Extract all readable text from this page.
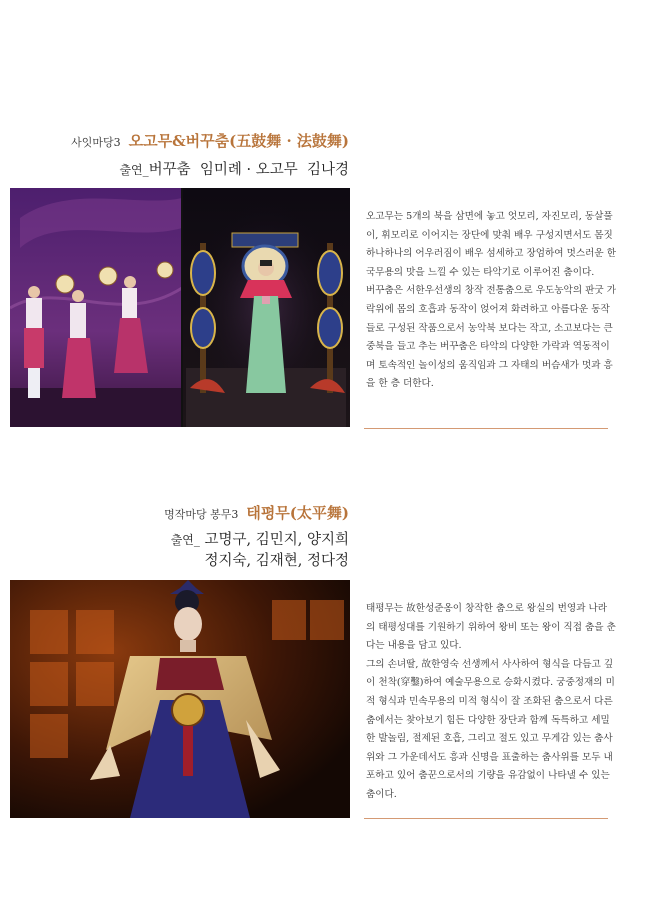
사잇마당3 오고무&버꾸춤(五鼓舞 · 法鼓舞)
출연_버꾸춤  임미례 · 오고무  김나경

오고무는 5개의 북을 삼면에 놓고 엇모리, 자진모리, 동살풀이, 휘모리로 이어지는 장단에 맞춰 배우 구성지면서도 몸짓 하나하나의 어우러짐이 배우 섬세하고 장엄하여 멋스러운 한국무용의 맛을 느낄 수 있는 타악기로 이루어진 춤이다.

버꾸춤은 서한우선생의 창작 전통춤으로 우도농악의 판굿 가락위에 몸의 호흡과 동작이 얹어져 화려하고 아름다운 동작들로 구성된 작품으로서 농악북 보다는 작고, 소고보다는 큰 중북을 들고 추는 버꾸춤은 타악의 다양한 가락과 역동적이며 토속적인 놀이성의 움직임과 그 자태의 버슴새가 멋과 흥을 한 층 더한다.

명작마당 봉무3 태평무(太平舞)
출연_ 고명구, 김민지, 양지희
정지숙, 김재현, 정다정

태평무는 故한성준옹이 창작한 춤으로 왕실의 번영과 나라의 태평성대를 기원하기 위하여 왕비 또는 왕이 직접 춤을 춘다는 내용을 담고 있다.

그의 손녀딸, 故한영숙 선생께서 사사하여 형식을 다듬고 깊이 천착(穿鑿)하여 예술무용으로 승화시켰다. 궁중정재의 미적 형식과 민속무용의 미적 형식이 잘 조화된 춤으로서 다른 춤에서는 찾아보기 힘든 다양한 장단과 함께 독특하고 세밀한 발놀림, 절제된 호흡, 그리고 절도 있고 무게감 있는 춤사위와 그 가운데서도 흥과 신명을 표출하는 춤사위를 모두 내포하고 있어 춤꾼으로서의 기량을 유감없이 나타낼 수 있는 춤이다.
